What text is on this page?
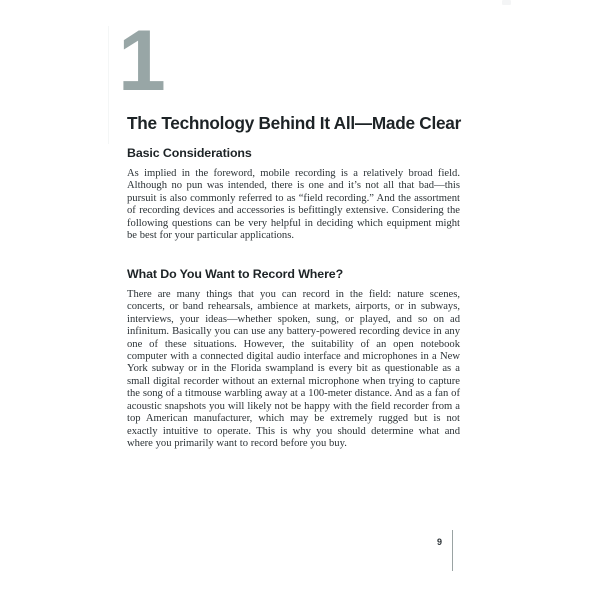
1
The Technology Behind It All—Made Clear
Basic Considerations

As implied in the foreword, mobile recording is a relatively broad field. Although no pun was intended, there is one and it’s not all that bad—this pursuit is also commonly referred to as “field recording.” And the assortment of recording devices and accessories is befittingly extensive. Considering the following questions can be very helpful in deciding which equipment might be best for your particular applications.

What Do You Want to Record Where?

There are many things that you can record in the field: nature scenes, concerts, or band rehearsals, ambience at markets, airports, or in subways, interviews, your ideas—whether spoken, sung, or played, and so on ad infinitum. Basically you can use any battery-powered recording device in any one of these situations. However, the suitability of an open notebook computer with a connected digital audio interface and microphones in a New York subway or in the Florida swampland is every bit as questionable as a small digital recorder without an external microphone when trying to capture the song of a titmouse warbling away at a 100-meter distance. And as a fan of acoustic snapshots you will likely not be happy with the field recorder from a top American manufacturer, which may be extremely rugged but is not exactly intuitive to operate. This is why you should determine what and where you primarily want to record before you buy.

9
